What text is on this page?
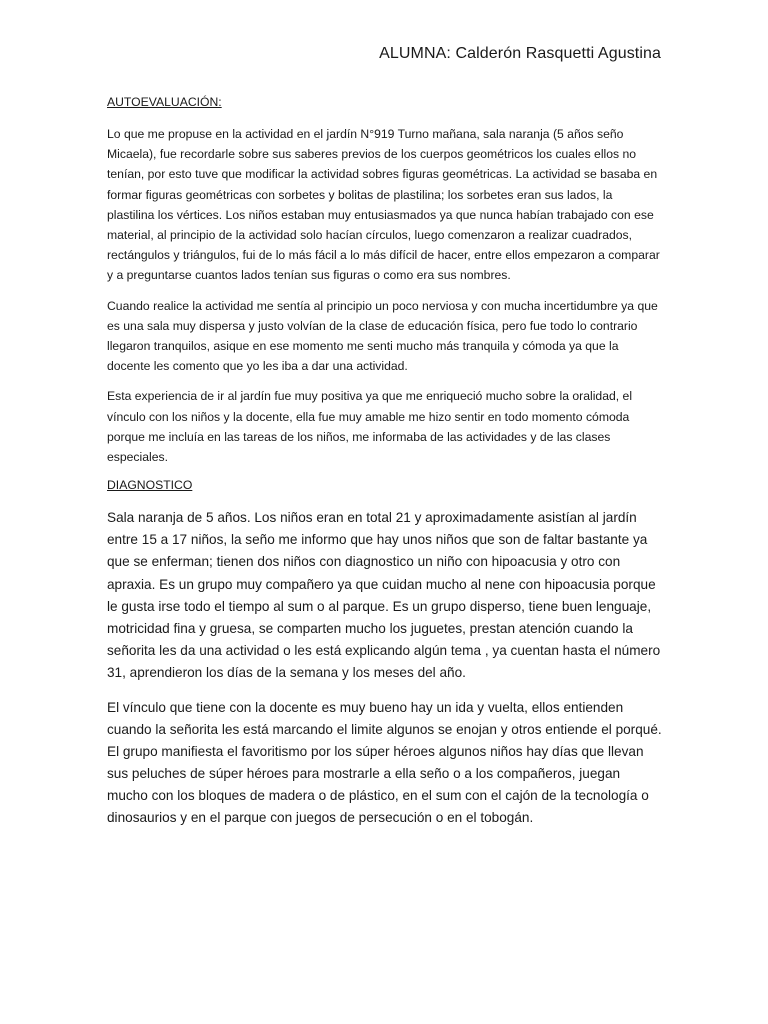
ALUMNA: Calderón Rasquetti Agustina
AUTOEVALUACIÓN:

Lo que me propuse en la actividad en el jardín N°919 Turno mañana, sala naranja (5 años seño Micaela), fue recordarle sobre sus saberes previos de los cuerpos geométricos los cuales ellos no tenían, por esto tuve que modificar la actividad sobres figuras geométricas. La actividad se basaba en formar figuras geométricas con sorbetes y bolitas de plastilina; los sorbetes eran sus lados, la plastilina los vértices. Los niños estaban muy entusiasmados ya que nunca habían trabajado con ese material, al principio de la actividad solo hacían círculos, luego comenzaron a realizar cuadrados, rectángulos y triángulos, fui de lo más fácil a lo más difícil de hacer, entre ellos empezaron a comparar y a preguntarse cuantos lados tenían sus figuras o como era sus nombres.

Cuando realice la actividad me sentía al principio un poco nerviosa y con mucha incertidumbre ya que es una sala muy dispersa y justo volvían de la clase de educación física, pero fue todo lo contrario llegaron tranquilos, asique en ese momento me senti mucho más tranquila y cómoda ya que la docente les comento que yo les iba a dar una actividad.

Esta experiencia de ir al jardín fue muy positiva ya que me enriqueció mucho sobre la oralidad, el vínculo con los niños y la docente, ella fue muy amable me hizo sentir en todo momento cómoda porque me incluía en las tareas de los niños, me informaba de las actividades y de las clases especiales.

DIAGNOSTICO

Sala naranja de 5 años. Los niños eran en total 21 y aproximadamente asistían al jardín entre 15 a 17 niños, la seño me informo que hay unos niños que son de faltar bastante ya que se enferman; tienen dos niños con diagnostico un niño con hipoacusia y otro con apraxia. Es un grupo muy compañero ya que cuidan mucho al nene con hipoacusia porque le gusta irse todo el tiempo al sum o al parque. Es un grupo disperso, tiene buen lenguaje, motricidad fina y gruesa, se comparten mucho los juguetes, prestan atención cuando la señorita les da una actividad o les está explicando algún tema , ya cuentan hasta el número 31, aprendieron los días de la semana y los meses del año.

El vínculo que tiene con la docente es muy bueno hay un ida y vuelta, ellos entienden cuando la señorita les está marcando el limite algunos se enojan y otros entiende el porqué. El grupo manifiesta el favoritismo por los súper héroes algunos niños hay días que llevan sus peluches de súper héroes para mostrarle a ella seño o a los compañeros, juegan mucho con los bloques de madera o de plástico, en el sum con el cajón de la tecnología o dinosaurios y en el parque con juegos de persecución o en el tobogán.
